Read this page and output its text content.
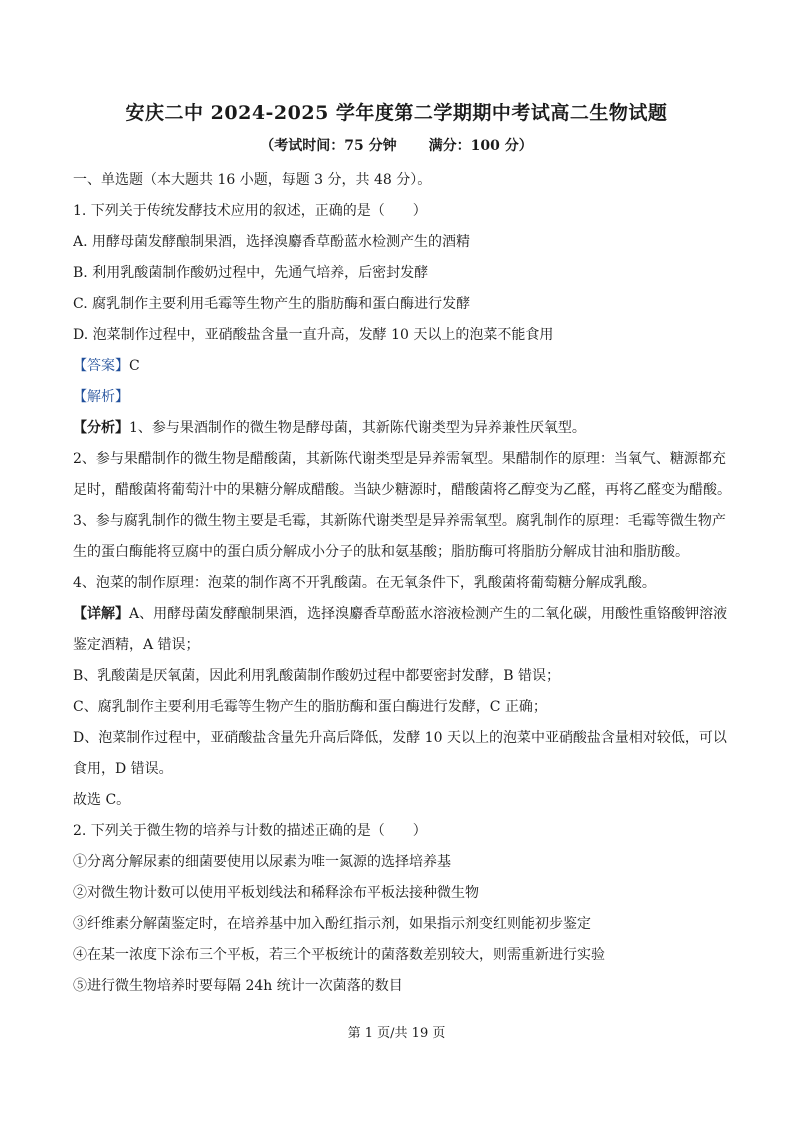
安庆二中 2024-2025 学年度第二学期期中考试高二生物试题
（考试时间：75 分钟 满分：100 分）
一、单选题（本大题共 16 小题，每题 3 分，共 48 分）。
1. 下列关于传统发酵技术应用的叙述，正确的是（　　）
A. 用酵母菌发酵酿制果酒，选择溴麝香草酚蓝水检测产生的酒精
B. 利用乳酸菌制作酸奶过程中，先通气培养，后密封发酵
C. 腐乳制作主要利用毛霉等生物产生的脂肪酶和蛋白酶进行发酵
D. 泡菜制作过程中，亚硝酸盐含量一直升高，发酵 10 天以上的泡菜不能食用
【答案】C
【解析】
【分析】1、参与果酒制作的微生物是酵母菌，其新陈代谢类型为异养兼性厌氧型。
2、参与果醋制作的微生物是醋酸菌，其新陈代谢类型是异养需氧型。果醋制作的原理：当氧气、糖源都充
足时，醋酸菌将葡萄汁中的果糖分解成醋酸。当缺少糖源时，醋酸菌将乙醇变为乙醛，再将乙醛变为醋酸。
3、参与腐乳制作的微生物主要是毛霉，其新陈代谢类型是异养需氧型。腐乳制作的原理：毛霉等微生物产
生的蛋白酶能将豆腐中的蛋白质分解成小分子的肽和氨基酸；脂肪酶可将脂肪分解成甘油和脂肪酸。
4、泡菜的制作原理：泡菜的制作离不开乳酸菌。在无氧条件下，乳酸菌将葡萄糖分解成乳酸。
【详解】A、用酵母菌发酵酿制果酒，选择溴麝香草酚蓝水溶液检测产生的二氧化碳，用酸性重铬酸钾溶液
鉴定酒精，A 错误；
B、乳酸菌是厌氧菌，因此利用乳酸菌制作酸奶过程中都要密封发酵，B 错误；
C、腐乳制作主要利用毛霉等生物产生的脂肪酶和蛋白酶进行发酵，C 正确；
D、泡菜制作过程中，亚硝酸盐含量先升高后降低，发酵 10 天以上的泡菜中亚硝酸盐含量相对较低，可以
食用，D 错误。
故选 C。
2. 下列关于微生物的培养与计数的描述正确的是（　　）
①分离分解尿素的细菌要使用以尿素为唯一氮源的选择培养基
②对微生物计数可以使用平板划线法和稀释涂布平板法接种微生物
③纤维素分解菌鉴定时，在培养基中加入酚红指示剂，如果指示剂变红则能初步鉴定
④在某一浓度下涂布三个平板，若三个平板统计的菌落数差别较大，则需重新进行实验
⑤进行微生物培养时要每隔 24h 统计一次菌落的数目
第 1 页/共 19 页
